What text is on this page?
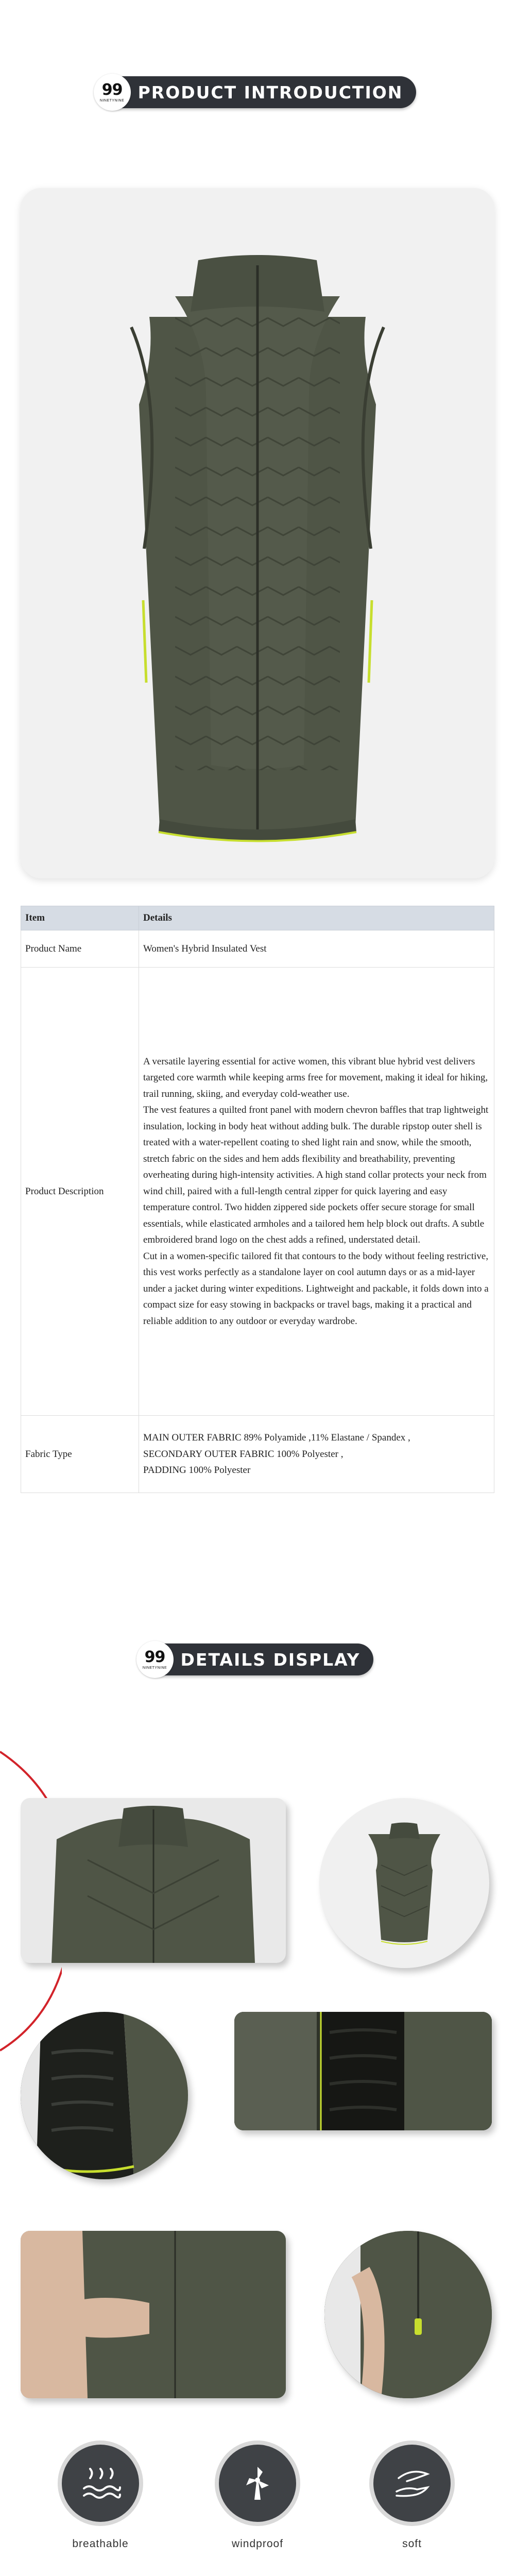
99
NINETYNINE PRODUCT INTRODUCTION
Item	Details
Product Name	Women's Hybrid Insulated Vest
Product Description	A versatile layering essential for active women, this vibrant blue hybrid vest delivers targeted core warmth while keeping arms free for movement, making it ideal for hiking, trail running, skiing, and everyday cold-weather use.

The vest features a quilted front panel with modern chevron baffles that trap lightweight insulation, locking in body heat without adding bulk. The durable ripstop outer shell is treated with a water-repellent coating to shed light rain and snow, while the smooth, stretch fabric on the sides and hem adds flexibility and breathability, preventing overheating during high-intensity activities. A high stand collar protects your neck from wind chill, paired with a full-length central zipper for quick layering and easy temperature control. Two hidden zippered side pockets offer secure storage for small essentials, while elasticated armholes and a tailored hem help block out drafts. A subtle embroidered brand logo on the chest adds a refined, understated detail.

Cut in a women-specific tailored fit that contours to the body without feeling restrictive, this vest works perfectly as a standalone layer on cool autumn days or as a mid-layer under a jacket during winter expeditions. Lightweight and packable, it folds down into a compact size for easy stowing in backpacks or travel bags, making it a practical and reliable addition to any outdoor or everyday wardrobe.

Fabric Type	MAIN OUTER FABRIC 89% Polyamide ,11% Elastane / Spandex ,

SECONDARY OUTER FABRIC 100% Polyester ,

PADDING 100% Polyester

99
NINETYNINE DETAILS DISPLAY
breathable	windproof	soft
